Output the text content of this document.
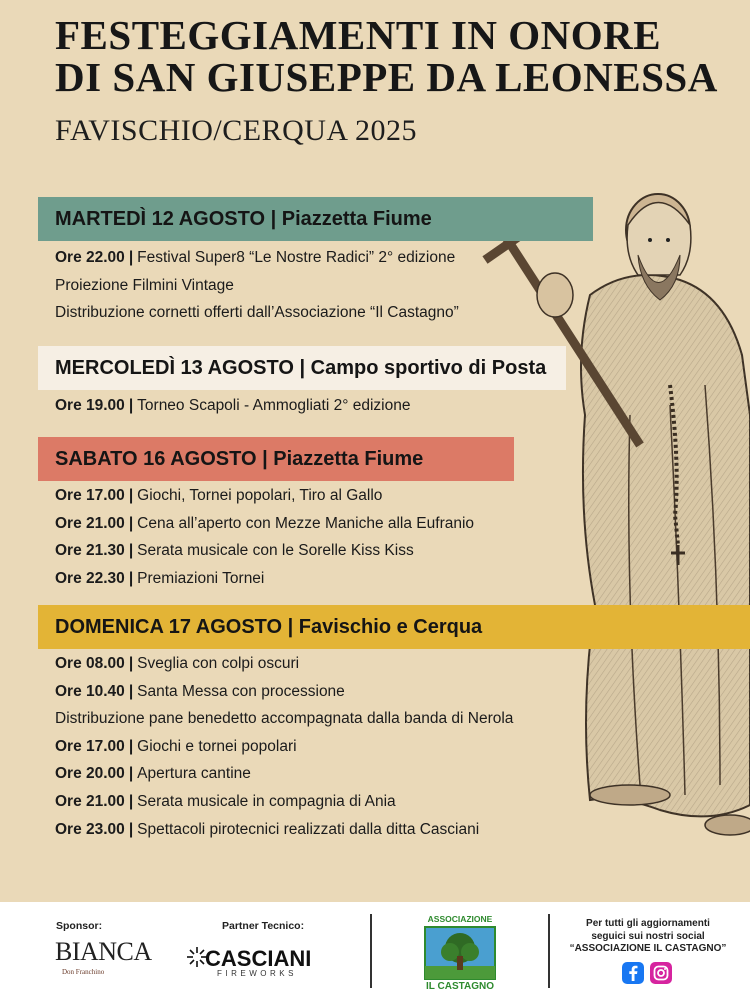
FESTEGGIAMENTI IN ONORE
DI SAN GIUSEPPE DA LEONESSA
FAVISCHIO/CERQUA 2025
MARTEDÌ 12 AGOSTO | Piazzetta Fiume
Ore 22.00 | Festival Super8 “Le Nostre Radici” 2° edizione
Proiezione Filmini Vintage
Distribuzione cornetti offerti dall’Associazione “Il Castagno”
MERCOLEDÌ 13 AGOSTO | Campo sportivo di Posta
Ore 19.00 | Torneo Scapoli - Ammogliati 2° edizione
SABATO 16 AGOSTO | Piazzetta Fiume
Ore 17.00 | Giochi, Tornei popolari, Tiro al Gallo
Ore 21.00 | Cena all’aperto con Mezze Maniche alla Eufranio
Ore 21.30 | Serata musicale con le Sorelle Kiss Kiss
Ore 22.30 | Premiazioni Tornei
DOMENICA 17 AGOSTO | Favischio e Cerqua
Ore 08.00 | Sveglia con colpi oscuri
Ore 10.40 | Santa Messa con processione
Distribuzione pane benedetto accompagnata dalla banda di Nerola
Ore 17.00 | Giochi e tornei popolari
Ore 20.00 | Apertura cantine
Ore 21.00 | Serata musicale in compagnia di Ania
Ore 23.00 | Spettacoli pirotecnici realizzati dalla ditta Casciani
Sponsor:
BIANCA
Don Franchino
Partner Tecnico:
CASCIANI
FIREWORKS
ASSOCIAZIONE
IL CASTAGNO
Per tutti gli aggiornamenti
seguici sui nostri social
“ASSOCIAZIONE IL CASTAGNO”
